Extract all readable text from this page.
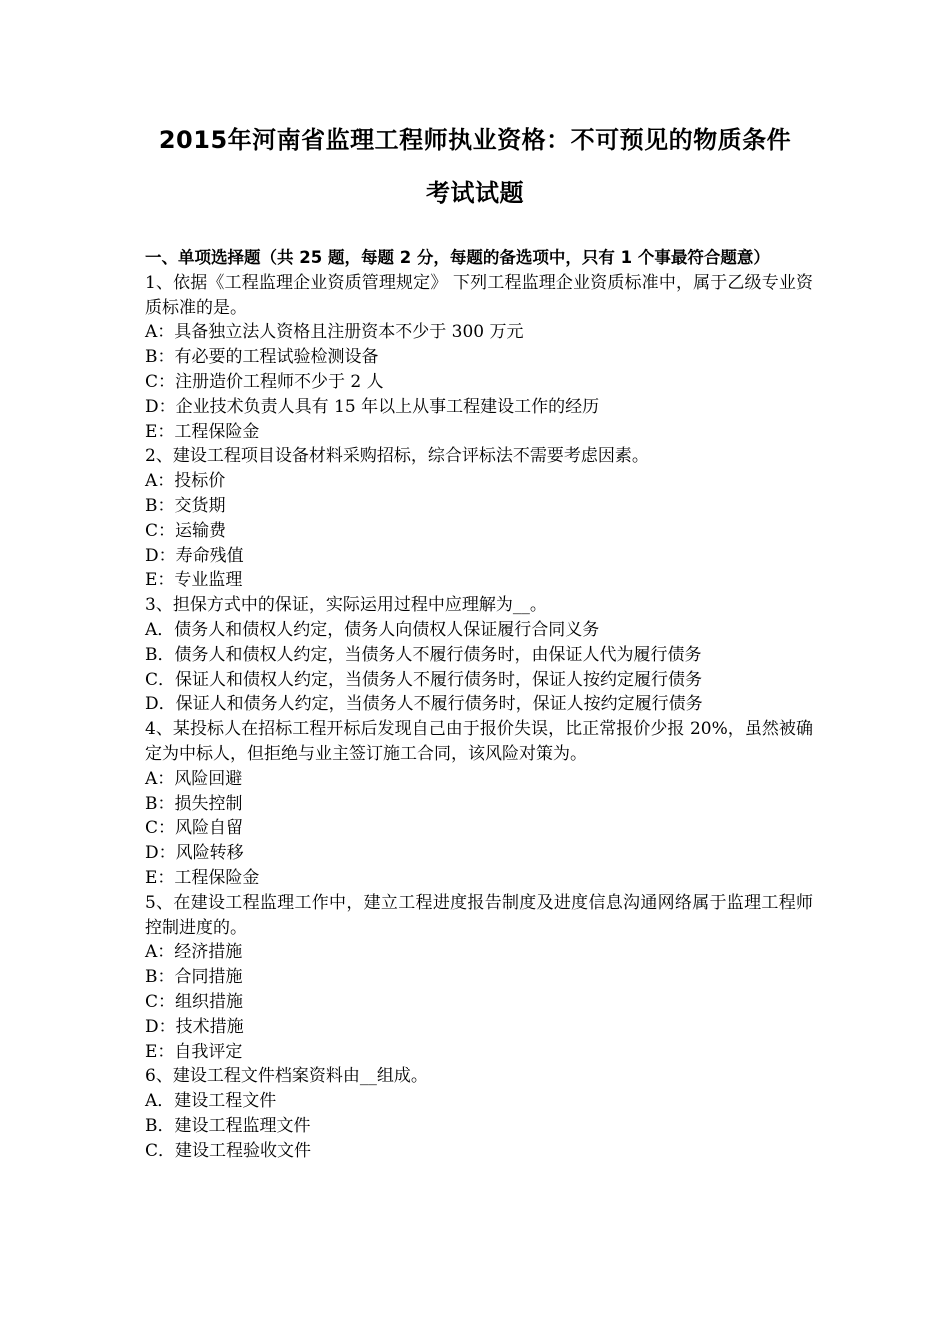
2015年河南省监理工程师执业资格：不可预见的物质条件
考试试题
一、单项选择题（共 25 题，每题 2 分，每题的备选项中，只有 1 个事最符合题意）
1、依据《工程监理企业资质管理规定》 下列工程监理企业资质标准中，属于乙级专业资质标准的是。
A：具备独立法人资格且注册资本不少于 300 万元
B：有必要的工程试验检测设备
C：注册造价工程师不少于 2 人
D：企业技术负责人具有 15 年以上从事工程建设工作的经历
E：工程保险金
2、建设工程项目设备材料采购招标，综合评标法不需要考虑因素。
A：投标价
B：交货期
C：运输费
D：寿命残值
E：专业监理
3、担保方式中的保证，实际运用过程中应理解为__。
A．债务人和债权人约定，债务人向债权人保证履行合同义务
B．债务人和债权人约定，当债务人不履行债务时，由保证人代为履行债务
C．保证人和债权人约定，当债务人不履行债务时，保证人按约定履行债务
D．保证人和债务人约定，当债务人不履行债务时，保证人按约定履行债务
4、某投标人在招标工程开标后发现自己由于报价失误，比正常报价少报 20%，虽然被确定为中标人，但拒绝与业主签订施工合同，该风险对策为。
A：风险回避
B：损失控制
C：风险自留
D：风险转移
E：工程保险金
5、在建设工程监理工作中，建立工程进度报告制度及进度信息沟通网络属于监理工程师控制进度的。
A：经济措施
B：合同措施
C：组织措施
D：技术措施
E：自我评定
6、建设工程文件档案资料由__组成。
A．建设工程文件
B．建设工程监理文件
C．建设工程验收文件
